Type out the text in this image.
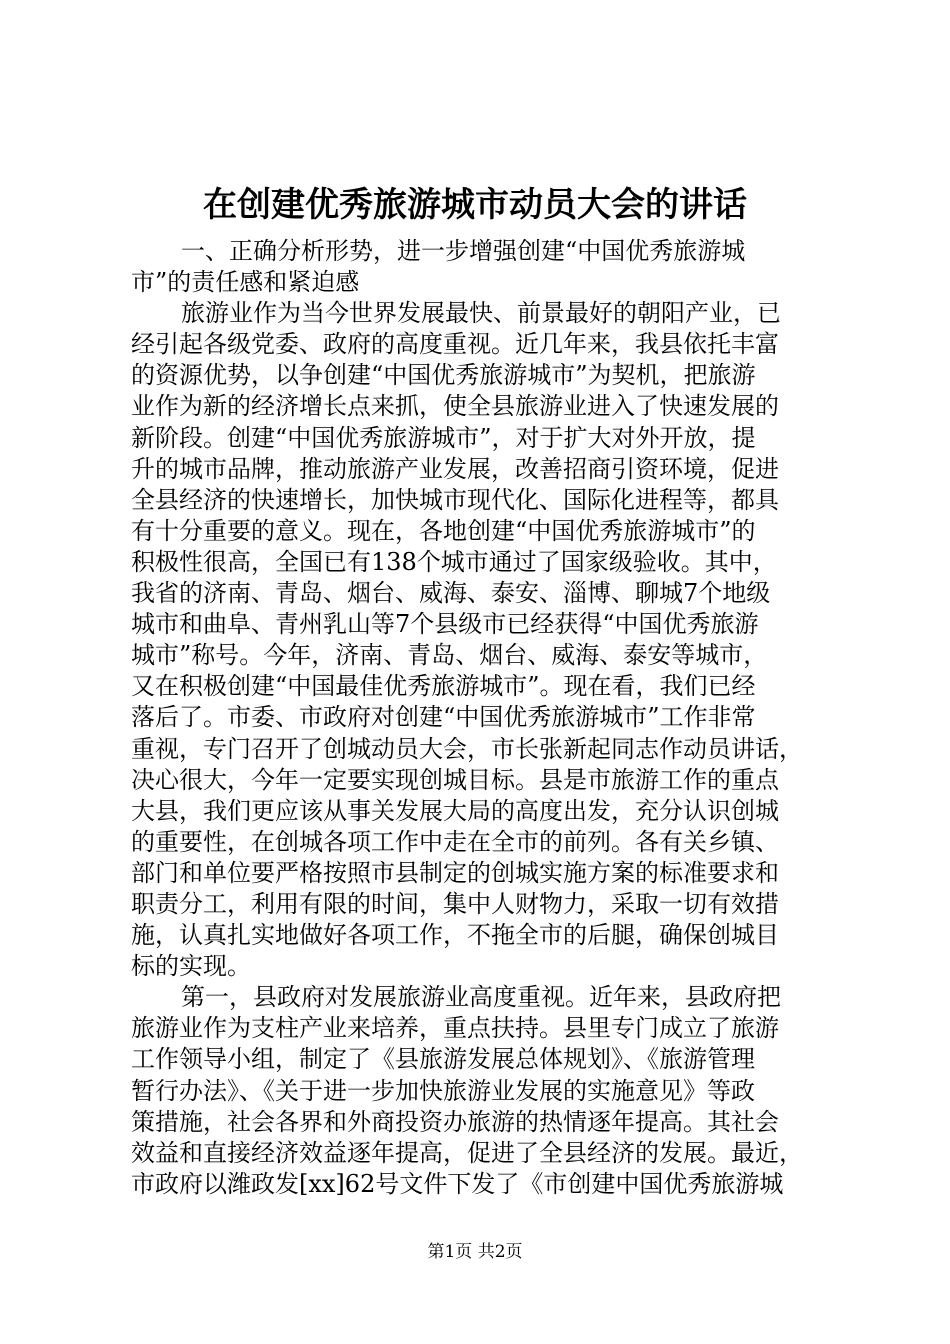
在创建优秀旅游城市动员大会的讲话

一、正确分析形势，进一步增强创建“中国优秀旅游城
市”的责任感和紧迫感

旅游业作为当今世界发展最快、前景最好的朝阳产业，已
经引起各级党委、政府的高度重视。近几年来，我县依托丰富
的资源优势，以争创建“中国优秀旅游城市”为契机，把旅游
业作为新的经济增长点来抓，使全县旅游业进入了快速发展的
新阶段。创建“中国优秀旅游城市”，对于扩大对外开放，提
升的城市品牌，推动旅游产业发展，改善招商引资环境，促进
全县经济的快速增长，加快城市现代化、国际化进程等，都具
有十分重要的意义。现在，各地创建“中国优秀旅游城市”的
积极性很高，全国已有138个城市通过了国家级验收。其中，
我省的济南、青岛、烟台、威海、泰安、淄博、聊城7个地级
城市和曲阜、青州乳山等7个县级市已经获得“中国优秀旅游
城市”称号。今年，济南、青岛、烟台、威海、泰安等城市，
又在积极创建“中国最佳优秀旅游城市”。现在看，我们已经
落后了。市委、市政府对创建“中国优秀旅游城市”工作非常
重视，专门召开了创城动员大会，市长张新起同志作动员讲话，
决心很大，今年一定要实现创城目标。县是市旅游工作的重点
大县，我们更应该从事关发展大局的高度出发，充分认识创城
的重要性，在创城各项工作中走在全市的前列。各有关乡镇、
部门和单位要严格按照市县制定的创城实施方案的标准要求和
职责分工，利用有限的时间，集中人财物力，采取一切有效措
施，认真扎实地做好各项工作，不拖全市的后腿，确保创城目
标的实现。

第一，县政府对发展旅游业高度重视。近年来，县政府把
旅游业作为支柱产业来培养，重点扶持。县里专门成立了旅游
工作领导小组，制定了《县旅游发展总体规划》、《旅游管理
暂行办法》、《关于进一步加快旅游业发展的实施意见》等政
策措施，社会各界和外商投资办旅游的热情逐年提高。其社会
效益和直接经济效益逐年提高，促进了全县经济的发展。最近，
市政府以潍政发[xx]62号文件下发了《市创建中国优秀旅游城

第1页 共2页
